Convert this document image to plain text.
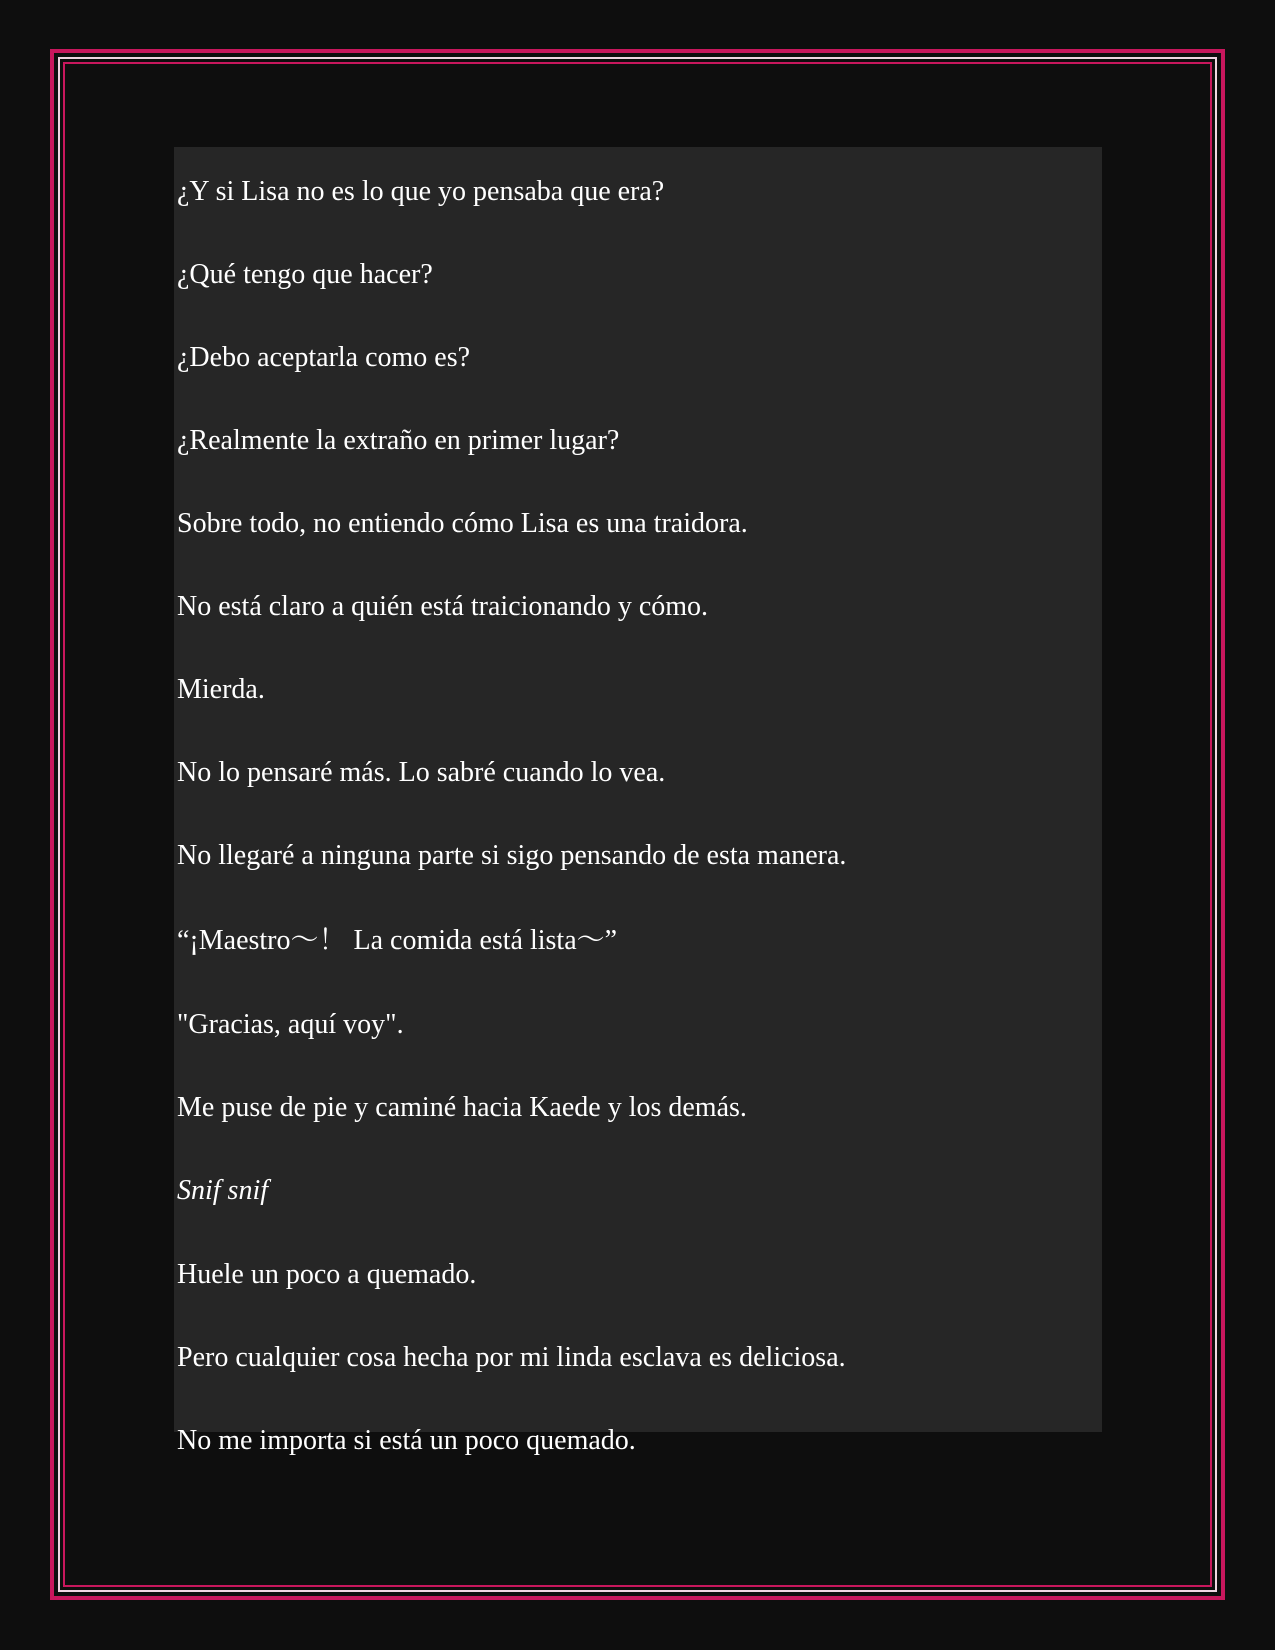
¿Y si Lisa no es lo que yo pensaba que era?

¿Qué tengo que hacer?

¿Debo aceptarla como es?

¿Realmente la extraño en primer lugar?

Sobre todo, no entiendo cómo Lisa es una traidora.

No está claro a quién está traicionando y cómo.

Mierda.

No lo pensaré más. Lo sabré cuando lo vea.

No llegaré a ninguna parte si sigo pensando de esta manera.

“¡Maestro～！ La comida está lista～”

"Gracias, aquí voy".

Me puse de pie y caminé hacia Kaede y los demás.

Snif snif

Huele un poco a quemado.

Pero cualquier cosa hecha por mi linda esclava es deliciosa.

No me importa si está un poco quemado.
